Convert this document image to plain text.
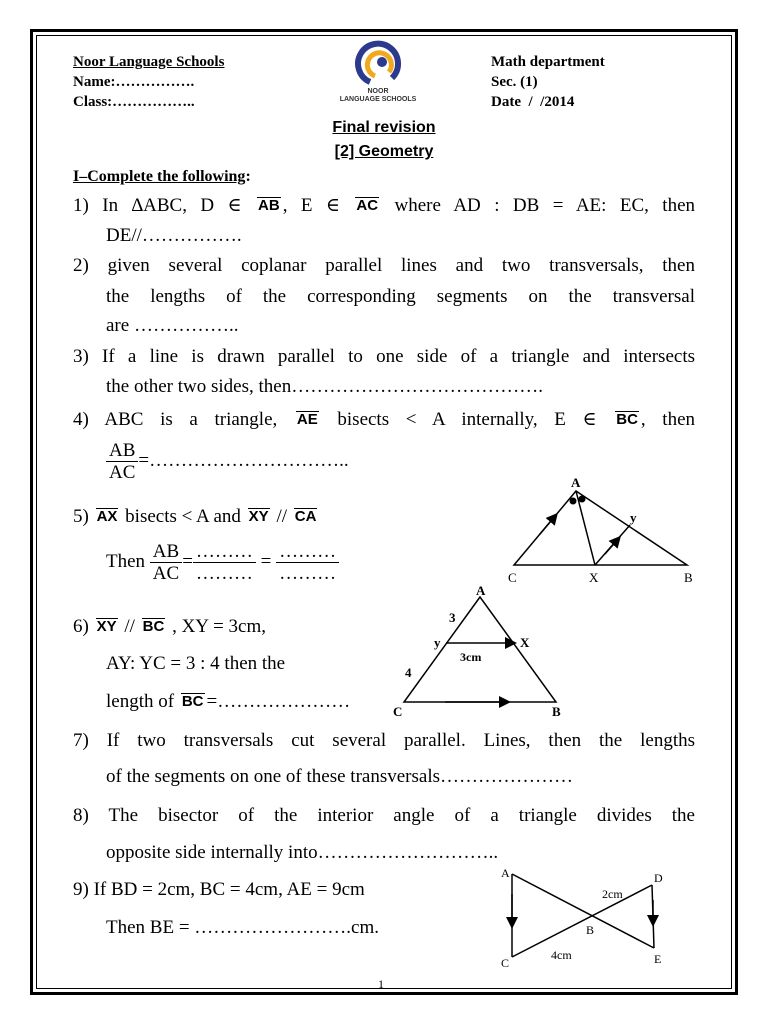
Noor Language Schools
Name:…………….
Class:……………..
NOOR
LANGUAGE SCHOOLS
Math department
Sec. (1)
Date / /2014
Final revision
[2] Geometry
I–Complete the following:
1) In ∆ABC, D ∈ AB , E ∈ AC where AD : DB = AE: EC, then
DE//…………….
2) given several coplanar parallel lines and two transversals, then
the lengths of the corresponding segments on the transversal
are ……………..
3) If a line is drawn parallel to one side of a triangle and intersects
the other two sides, then………………………………….
4) ABC is a triangle, AE bisects < A internally, E ∈ BC , then
$\frac{AB}{AC}$ =…………………………..
5) AX bisects < A and XY // CA
Then $\frac{AB}{AC} = \frac{\dots\dots\dots}{\dots\dots\dots} = \frac{\dots\dots\dots}{\dots\dots\dots}$
A
C	X	B
y
6) XY // BC , XY = 3cm,
AY: YC = 3 : 4 then the
length of BC =…………………
A
y	X
C	B
3
4
3cm
7) If two transversals cut several parallel. Lines, then the lengths
of the segments on one of these transversals…………………
8) The bisector of the interior angle of a triangle divides the
opposite side internally into………………………..
9) If BD = 2cm, BC = 4cm, AE = 9cm
Then BE = …………………….cm.
A	D
B
C	E
2cm
4cm
1
